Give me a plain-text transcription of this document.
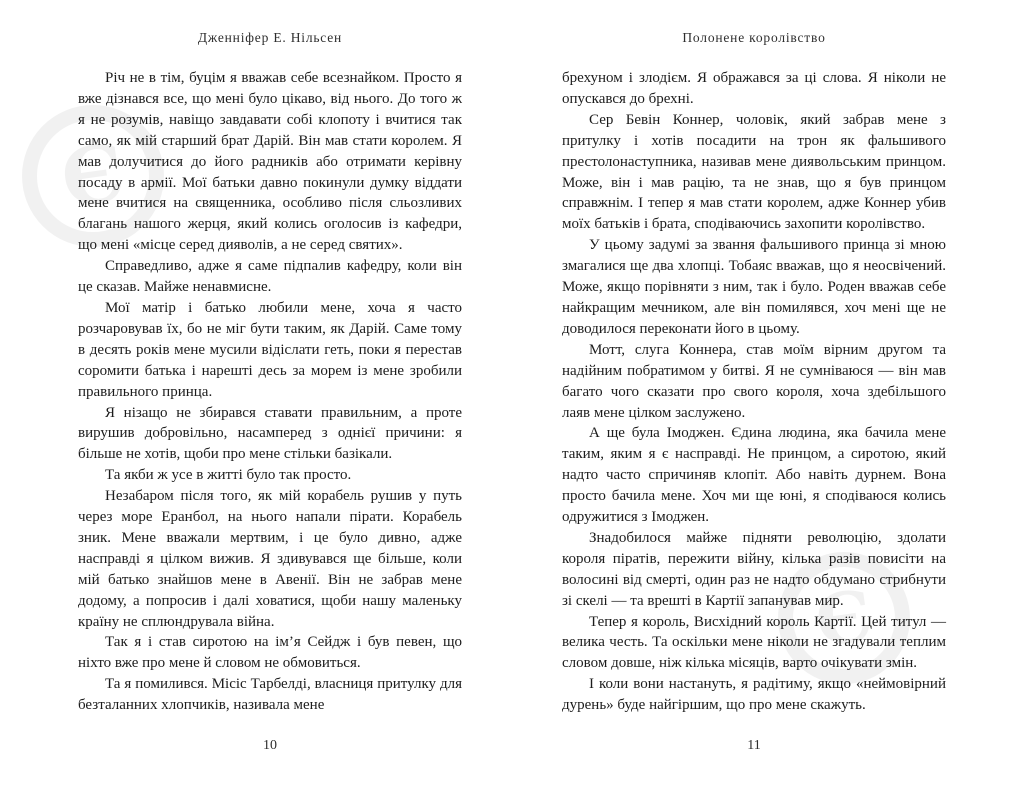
Є
Дженніфер Е. Нільсен

Річ не в тім, буцім я вважав себе всезнайком. Просто я вже дізнався все, що мені було цікаво, від нього. До того ж я не розумів, навіщо завдавати собі клопоту і вчитися так само, як мій старший брат Дарій. Він мав стати королем. Я мав долучитися до його радників або отримати керівну посаду в армії. Мої батьки давно покинули думку віддати мене вчитися на священника, особливо після сльозливих благань нашого жерця, який колись оголосив із кафедри, що мені «місце серед дияволів, а не серед святих».

Справедливо, адже я саме підпалив кафедру, коли він це сказав. Майже ненавмисне.

Мої матір і батько любили мене, хоча я часто розчаровував їх, бо не міг бути таким, як Дарій. Саме тому в десять років мене мусили відіслати геть, поки я перестав соромити батька і нарешті десь за морем із мене зробили правильного принца.

Я нізащо не збирався ставати правильним, а проте вирушив добровільно, насамперед з однієї причини: я більше не хотів, щоби про мене стільки базікали.

Та якби ж усе в житті було так просто.

Незабаром після того, як мій корабель рушив у путь через море Еранбол, на нього напали пірати. Корабель зник. Мене вважали мертвим, і це було дивно, адже насправді я цілком вижив. Я здивувався ще більше, коли мій батько знайшов мене в Авенії. Він не забрав мене додому, а попросив і далі ховатися, щоби нашу маленьку країну не сплюндрувала війна.

Так я і став сиротою на ім’я Сейдж і був певен, що ніхто вже про мене й словом не обмовиться.

Та я помилився. Місіс Тарбелді, власниця притулку для безталанних хлопчиків, називала мене

10
Є
Полонене королівство

брехуном і злодієм. Я ображався за ці слова. Я ніколи не опускався до брехні.

Сер Бевін Коннер, чоловік, який забрав мене з притулку і хотів посадити на трон як фальшивого престолонаступника, називав мене диявольським принцом. Може, він і мав рацію, та не знав, що я був принцом справжнім. І тепер я мав стати королем, адже Коннер убив моїх батьків і брата, сподіваючись захопити королівство.

У цьому задумі за звання фальшивого принца зі мною змагалися ще два хлопці. Тобаяс вважав, що я неосвічений. Може, якщо порівняти з ним, так і було. Роден вважав себе найкращим мечником, але він помилявся, хоч мені ще не доводилося переконати його в цьому.

Мотт, слуга Коннера, став моїм вірним другом та надійним побратимом у битві. Я не сумніваюся — він мав багато чого сказати про свого короля, хоча здебільшого лаяв мене цілком заслужено.

А ще була Імоджен. Єдина людина, яка бачила мене таким, яким я є насправді. Не принцом, а сиротою, який надто часто спричиняв клопіт. Або навіть дурнем. Вона просто бачила мене. Хоч ми ще юні, я сподіваюся колись одружитися з Імоджен.

Знадобилося майже підняти революцію, здолати короля піратів, пережити війну, кілька разів повисіти на волосині від смерті, один раз не надто обдумано стрибнути зі скелі — та врешті в Картії запанував мир.

Тепер я король, Висхідний король Картії. Цей титул — велика честь. Та оскільки мене ніколи не згадували теплим словом довше, ніж кілька місяців, варто очікувати змін.

І коли вони настануть, я радітиму, якщо «неймовірний дурень» буде найгіршим, що про мене скажуть.

11
